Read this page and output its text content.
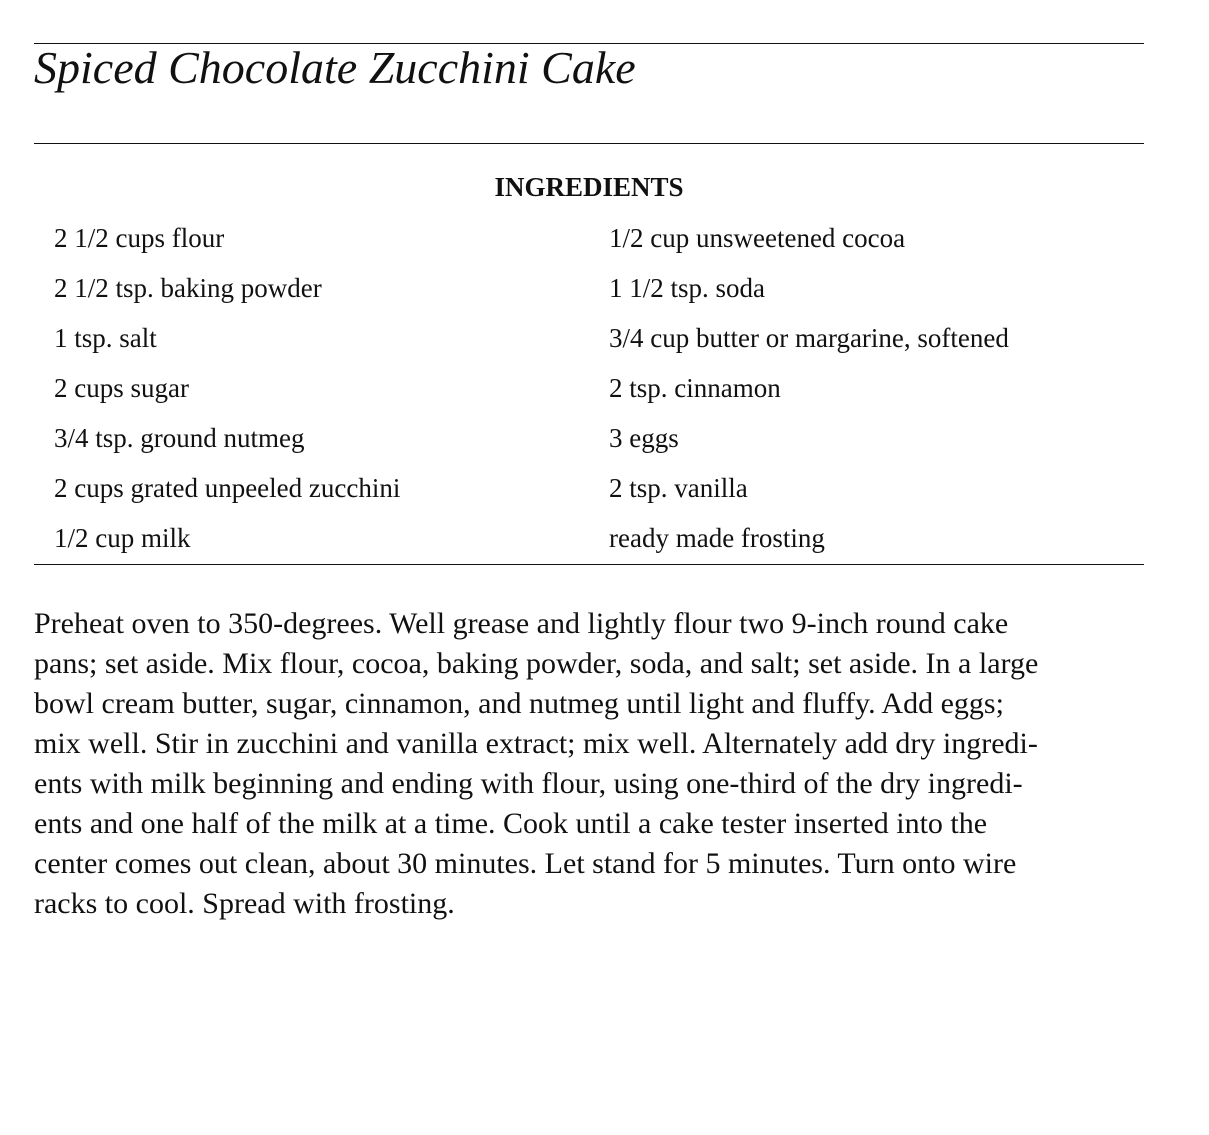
Spiced Chocolate Zucchini Cake
INGREDIENTS
2 1/2 cups flour
2 1/2 tsp. baking powder
1 tsp. salt
2 cups sugar
3/4 tsp. ground nutmeg
2 cups grated unpeeled zucchini
1/2 cup milk
1/2 cup unsweetened cocoa
1 1/2 tsp. soda
3/4 cup butter or margarine, softened
2 tsp. cinnamon
3 eggs
2 tsp. vanilla
ready made frosting
Preheat oven to 350-degrees. Well grease and lightly flour two 9-inch round cake
pans; set aside. Mix flour, cocoa, baking powder, soda, and salt; set aside. In a large
bowl cream butter, sugar, cinnamon, and nutmeg until light and fluffy. Add eggs;
mix well. Stir in zucchini and vanilla extract; mix well. Alternately add dry ingredi-
ents with milk beginning and ending with flour, using one-third of the dry ingredi-
ents and one half of the milk at a time. Cook until a cake tester inserted into the
center comes out clean, about 30 minutes. Let stand for 5 minutes. Turn onto wire
racks to cool. Spread with frosting.
